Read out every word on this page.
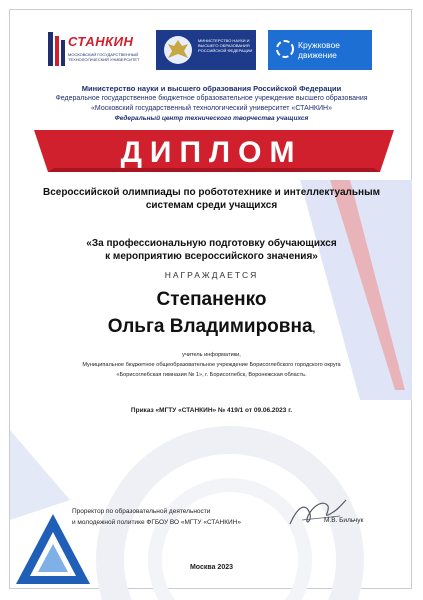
СТАНКИН
МОСКОВСКИЙ ГОСУДАРСТВЕННЫЙ ТЕХНОЛОГИЧЕСКИЙ УНИВЕРСИТЕТ
МИНИСТЕРСТВО НАУКИ И ВЫСШЕГО ОБРАЗОВАНИЯ РОССИЙСКОЙ ФЕДЕРАЦИИ
Кружковое
движение
Министерство науки и высшего образования Российской Федерации
Федеральное государственное бюджетное образовательное учреждение высшего образования
«Московский государственный технологический университет «СТАНКИН»
Федеральный центр технического творчества учащихся
ДИПЛОМ
Всероссийской олимпиады по робототехнике и интеллектуальным
системам среди учащихся
«За профессиональную подготовку обучающихся
к мероприятию всероссийского значения»
НАГРАЖДАЕТСЯ
Степаненко
Ольга Владимировна,
учитель информатики,
Муниципальное бюджетное общеобразовательное учреждение Борисоглебского городского округа
«Борисоглебская гимназия № 1», г. Борисоглебск, Воронежская область.
Приказ «МГТУ «СТАНКИН» № 419/1 от 09.06.2023 г.
Проректор по образовательной деятельности
и молодежной политике ФГБОУ ВО «МГТУ «СТАНКИН»	М.В. Бильчук
Москва 2023
